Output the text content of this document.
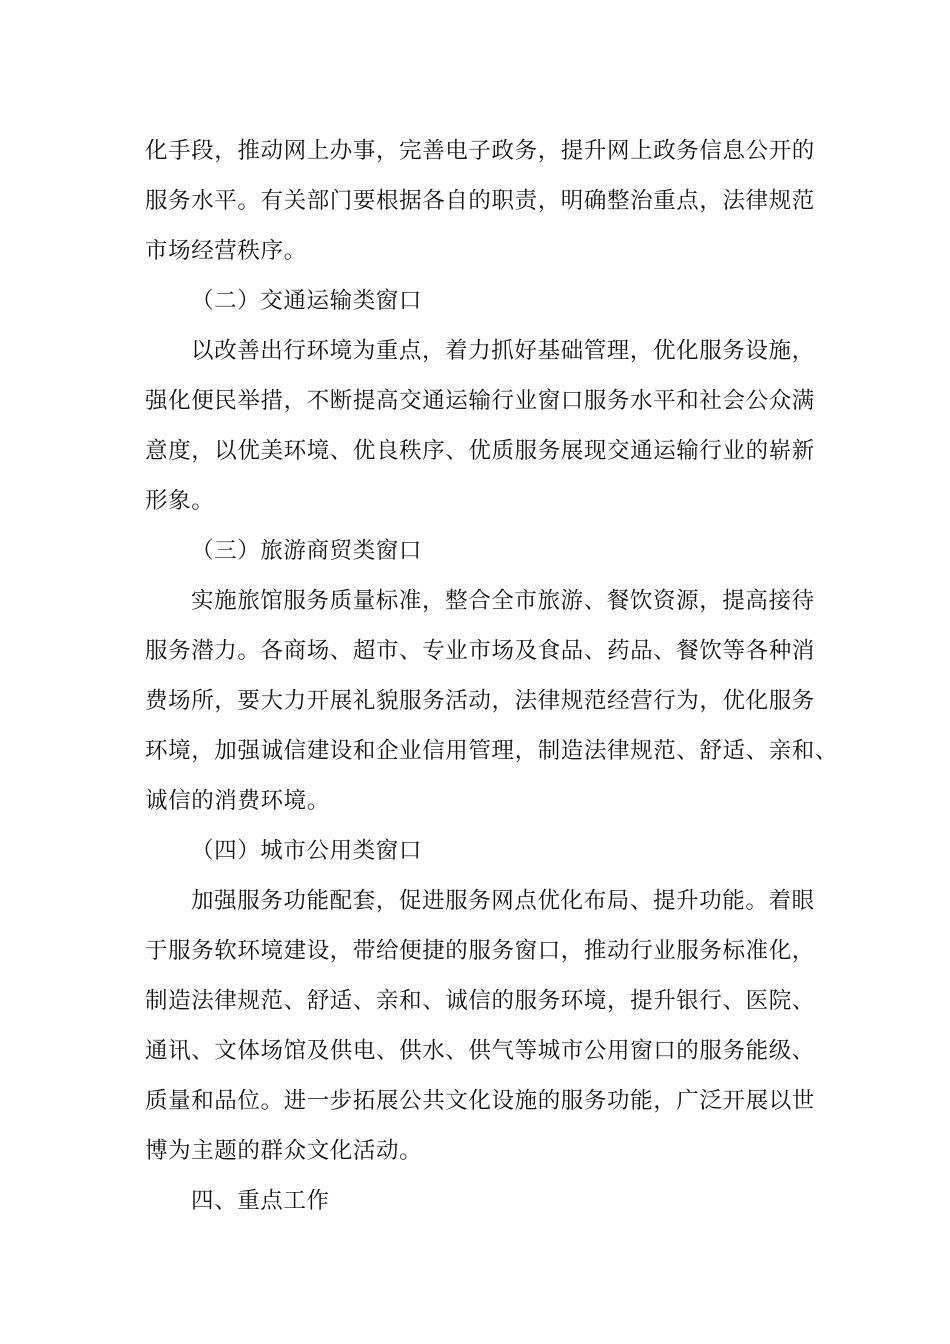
化手段，推动网上办事，完善电子政务，提升网上政务信息公开的
服务水平。有关部门要根据各自的职责，明确整治重点，法律规范
市场经营秩序。
（二）交通运输类窗口
以改善出行环境为重点，着力抓好基础管理，优化服务设施，
强化便民举措，不断提高交通运输行业窗口服务水平和社会公众满
意度，以优美环境、优良秩序、优质服务展现交通运输行业的崭新
形象。
（三）旅游商贸类窗口
实施旅馆服务质量标准，整合全市旅游、餐饮资源，提高接待
服务潜力。各商场、超市、专业市场及食品、药品、餐饮等各种消
费场所，要大力开展礼貌服务活动，法律规范经营行为，优化服务
环境，加强诚信建设和企业信用管理，制造法律规范、舒适、亲和、
诚信的消费环境。
（四）城市公用类窗口
加强服务功能配套，促进服务网点优化布局、提升功能。着眼
于服务软环境建设，带给便捷的服务窗口，推动行业服务标准化，
制造法律规范、舒适、亲和、诚信的服务环境，提升银行、医院、
通讯、文体场馆及供电、供水、供气等城市公用窗口的服务能级、
质量和品位。进一步拓展公共文化设施的服务功能，广泛开展以世
博为主题的群众文化活动。
四、重点工作
